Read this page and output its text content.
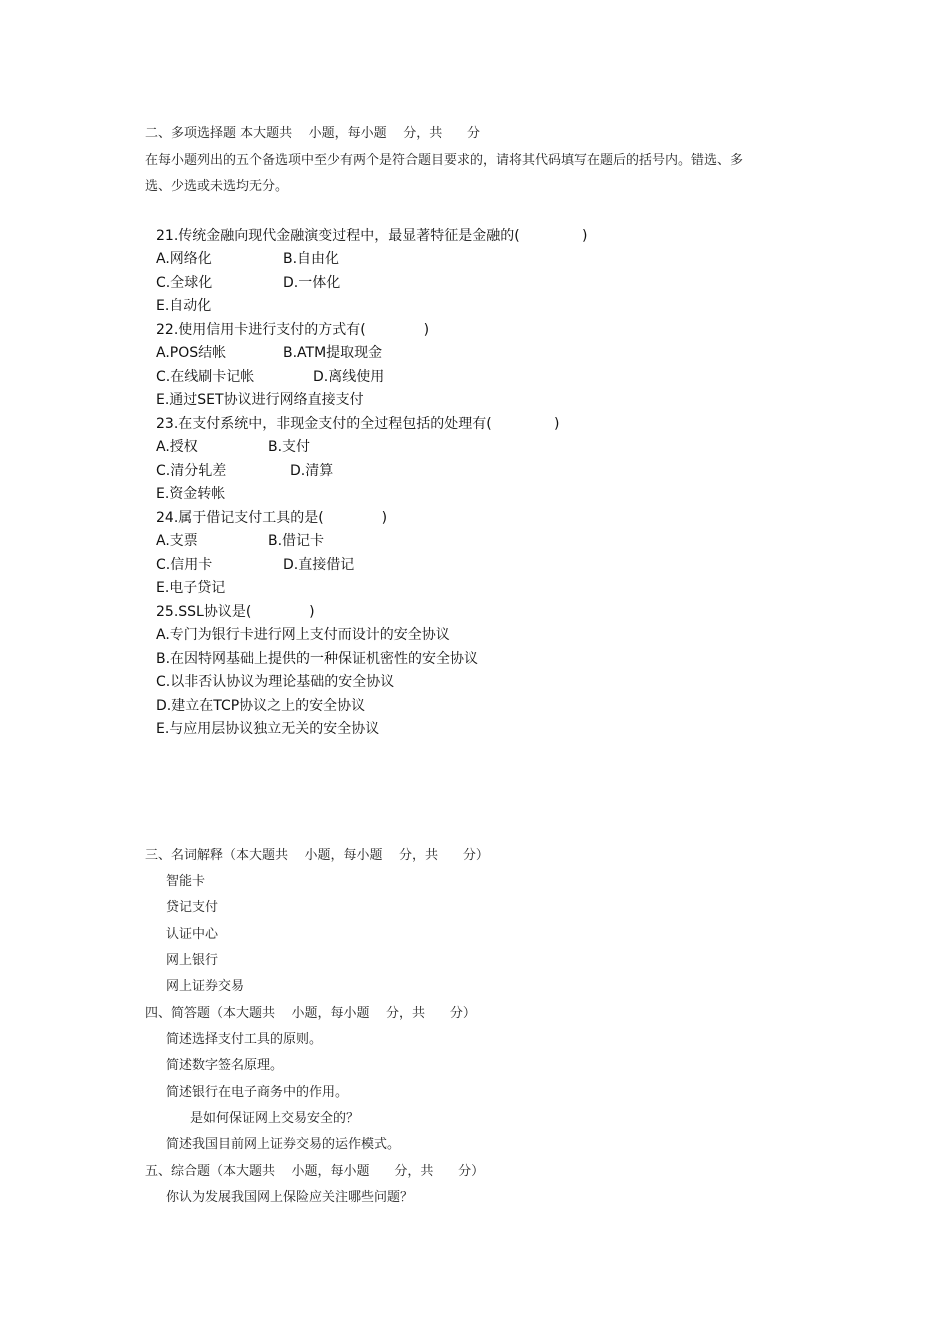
二、多项选择题 本大题共    小题，每小题    分，共      分
在每小题列出的五个备选项中至少有两个是符合题目要求的，请将其代码填写在题后的括号内。错选、多
选、少选或未选均无分。
21.传统金融向现代金融演变过程中，最显著特征是金融的(              )
A.网络化	B.自由化
C.全球化	D.一体化
E.自动化
22.使用信用卡进行支付的方式有(             )
A.POS结帐	B.ATM提取现金
C.在线刷卡记帐	D.离线使用
E.通过SET协议进行网络直接支付
23.在支付系统中，非现金支付的全过程包括的处理有(              )
A.授权	B.支付
C.清分轧差	D.清算
E.资金转帐
24.属于借记支付工具的是(             )
A.支票	B.借记卡
C.信用卡	D.直接借记
E.电子贷记
25.SSL协议是(             )
A.专门为银行卡进行网上支付而设计的安全协议
B.在因特网基础上提供的一种保证机密性的安全协议
C.以非否认协议为理论基础的安全协议
D.建立在TCP协议之上的安全协议
E.与应用层协议独立无关的安全协议
三、名词解释（本大题共    小题，每小题    分，共      分）
智能卡
贷记支付
认证中心
网上银行
网上证券交易
四、简答题（本大题共    小题，每小题    分，共      分）
简述选择支付工具的原则。
简述数字签名原理。
简述银行在电子商务中的作用。
是如何保证网上交易安全的？
简述我国目前网上证券交易的运作模式。
五、综合题（本大题共    小题，每小题      分，共      分）
你认为发展我国网上保险应关注哪些问题？
